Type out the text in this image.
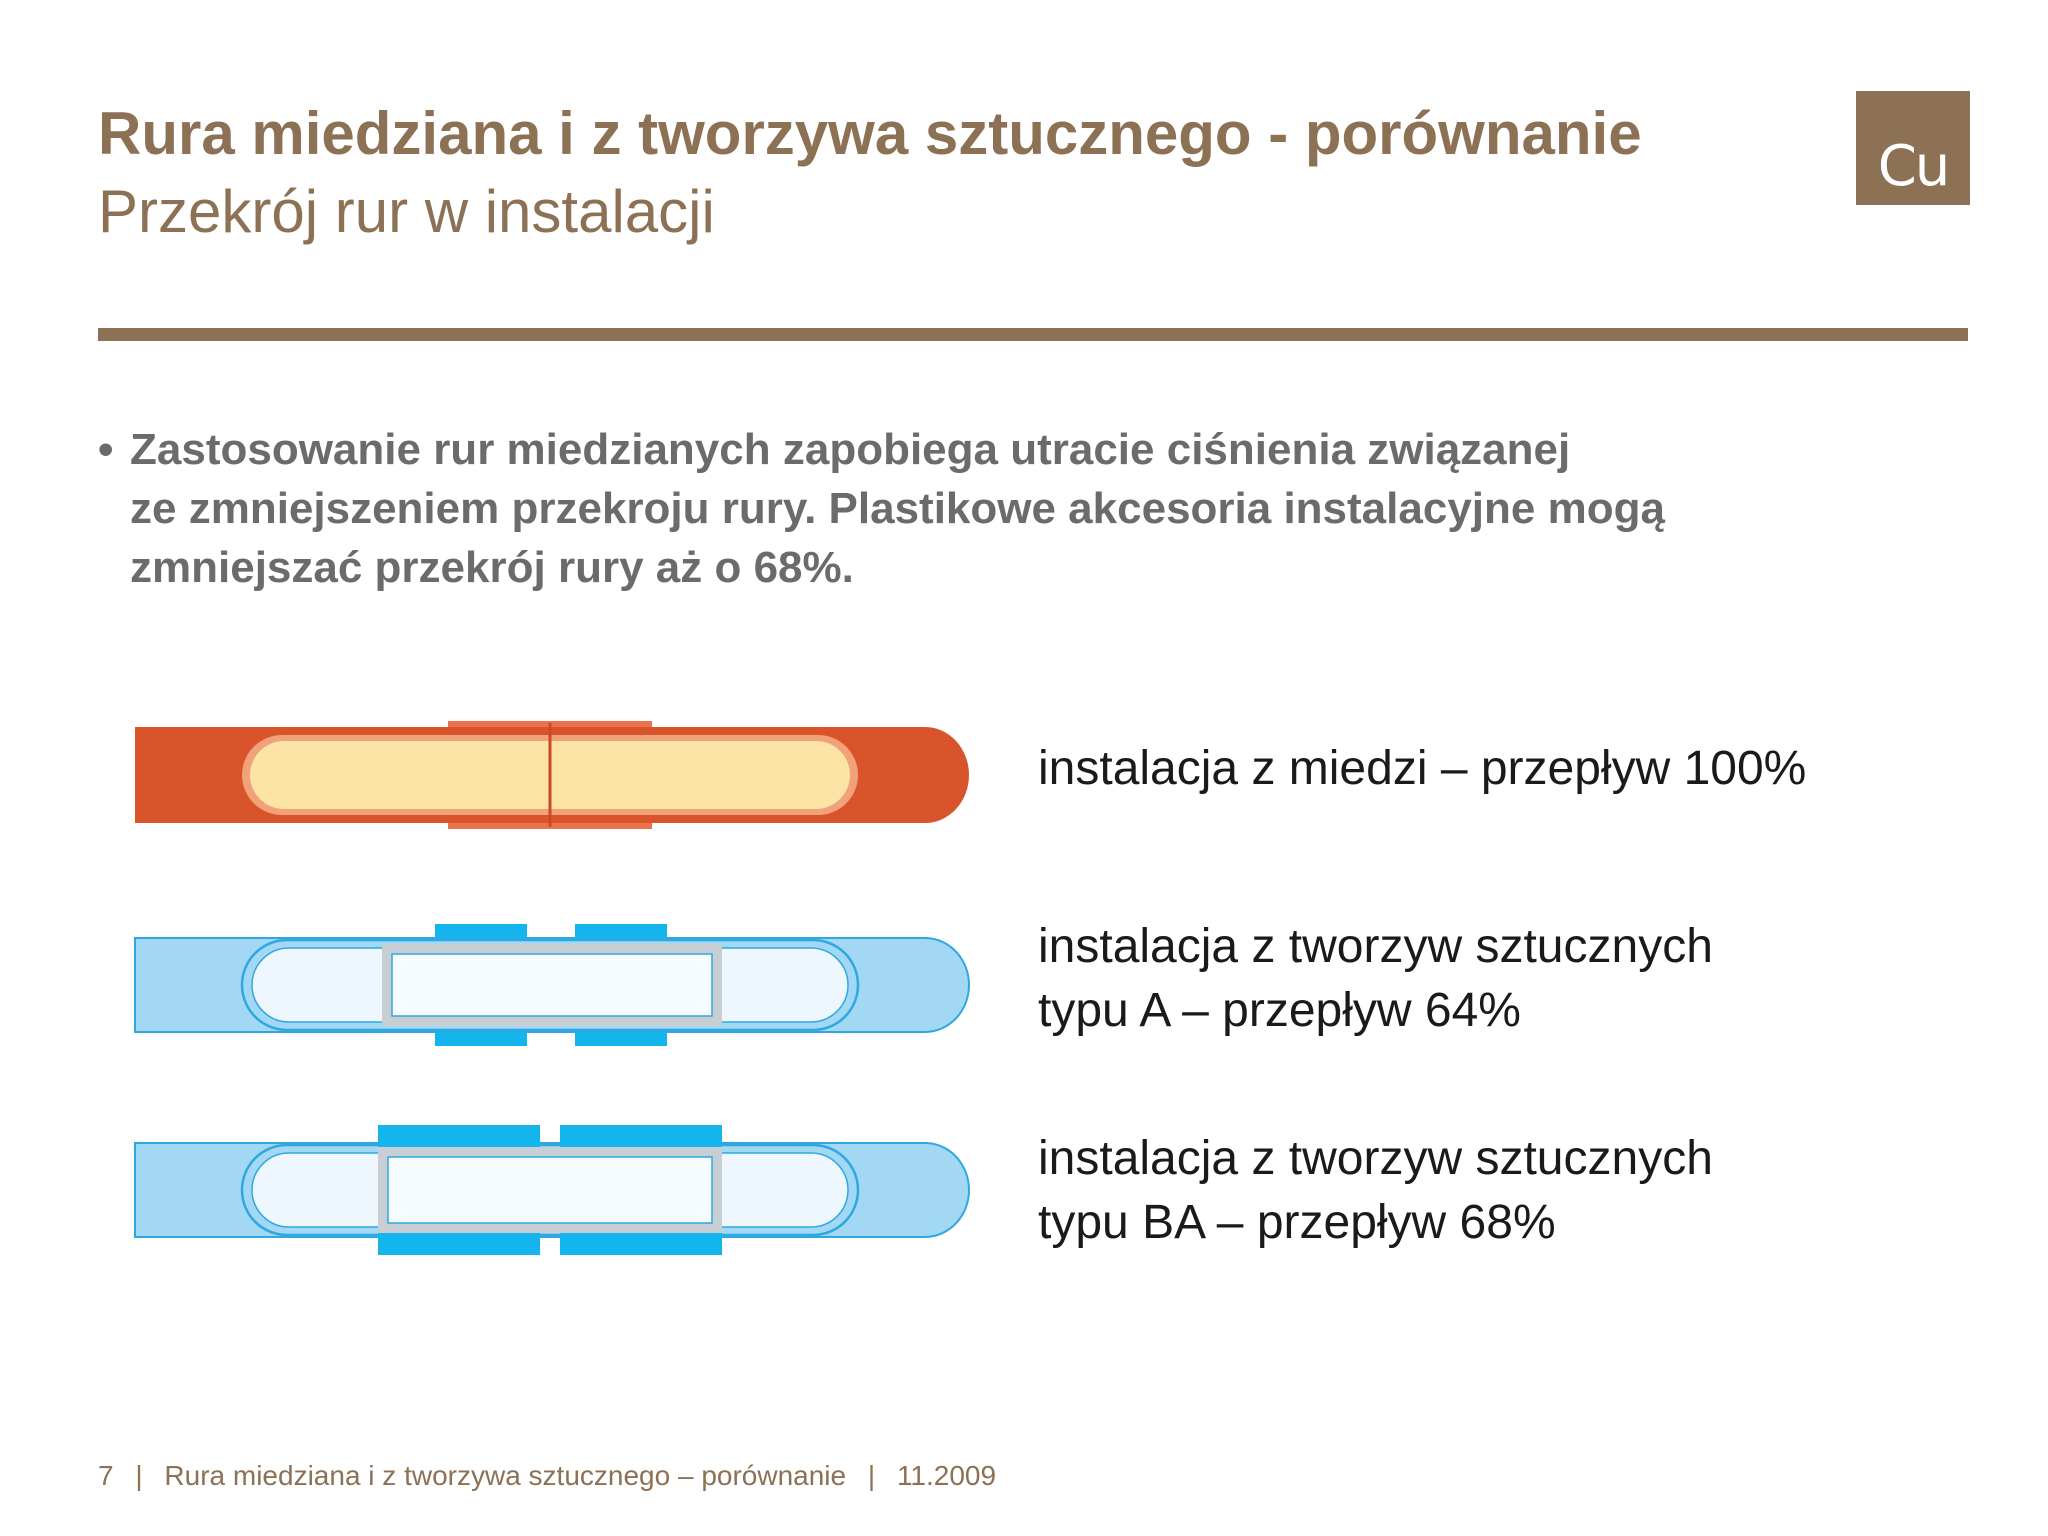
Rura miedziana i z tworzywa sztucznego - porównanie
Przekrój rur w instalacji
Cu
• Zastosowanie rur miedzianych zapobiega utracie ciśnienia związanej
ze zmniejszeniem przekroju rury. Plastikowe akcesoria instalacyjne mogą
zmniejszać przekrój rury aż o 68%.
instalacja z miedzi – przepływ 100%
instalacja z tworzyw sztucznych
typu A – przepływ 64%
instalacja z tworzyw sztucznych
typu BA – przepływ 68%
7 | Rura miedziana i z tworzywa sztucznego – porównanie | 11.2009
